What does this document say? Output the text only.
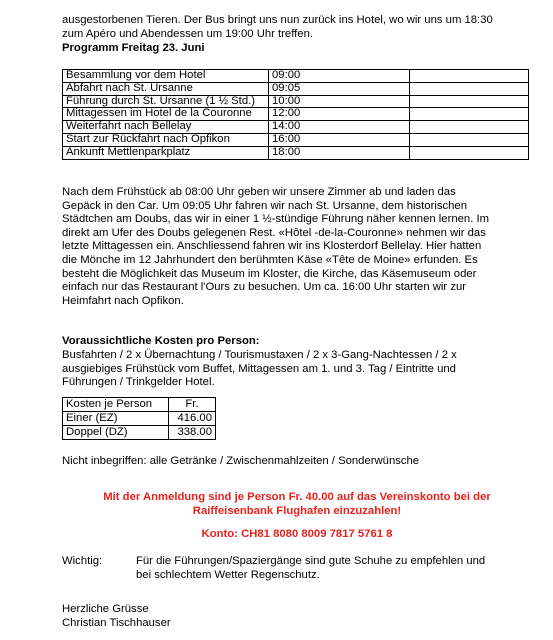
ausgestorbenen Tieren. Der Bus bringt uns nun zurück ins Hotel, wo wir uns um 18:30

zum Apéro und Abendessen um 19:00 Uhr treffen.

Programm Freitag 23. Juni

Besammlung vor dem Hotel	09:00	
Abfahrt nach St. Ursanne	09:05	
Führung durch St. Ursanne (1 ½ Std.)	10:00	
Mittagessen im Hotel de la Couronne	12:00	
Weiterfahrt nach Bellelay	14:00	
Start zur Rückfahrt nach Opfikon	16:00	
Ankunft Mettlenparkplatz	18:00	

Nach dem Frühstück ab 08:00 Uhr geben wir unsere Zimmer ab und laden das

Gepäck in den Car. Um 09:05 Uhr fahren wir nach St. Ursanne, dem historischen

Städtchen am Doubs, das wir in einer 1 ½-stündige Führung näher kennen lernen. Im

direkt am Ufer des Doubs gelegenen Rest. «Hôtel -de-la-Couronne» nehmen wir das

letzte Mittagessen ein. Anschliessend fahren wir ins Klosterdorf Bellelay. Hier hatten

die Mönche im 12 Jahrhundert den berühmten Käse «Tête de Moine» erfunden. Es

besteht die Möglichkeit das Museum im Kloster, die Kirche, das Käsemuseum oder

einfach nur das Restaurant l'Ours zu besuchen. Um ca. 16:00 Uhr starten wir zur

Heimfahrt nach Opfikon.

Voraussichtliche Kosten pro Person:

Busfahrten / 2 x Übernachtung / Tourismustaxen / 2 x 3-Gang-Nachtessen / 2 x

ausgiebiges Frühstück vom Buffet, Mittagessen am 1. und 3. Tag / Eintritte und

Führungen / Trinkgelder Hotel.

Kosten je Person	Fr.
Einer (EZ)	416.00
Doppel (DZ)	338.00

Nicht inbegriffen: alle Getränke / Zwischenmahlzeiten / Sonderwünsche

Mit der Anmeldung sind je Person Fr. 40.00 auf das Vereinskonto bei der

Raiffeisenbank Flughafen einzuzahlen!

Konto: CH81 8080 8009 7817 5761 8

Wichtig:	Für die Führungen/Spaziergänge sind gute Schuhe zu empfehlen und

bei schlechtem Wetter Regenschutz.

Herzliche Grüsse

Christian Tischhauser
